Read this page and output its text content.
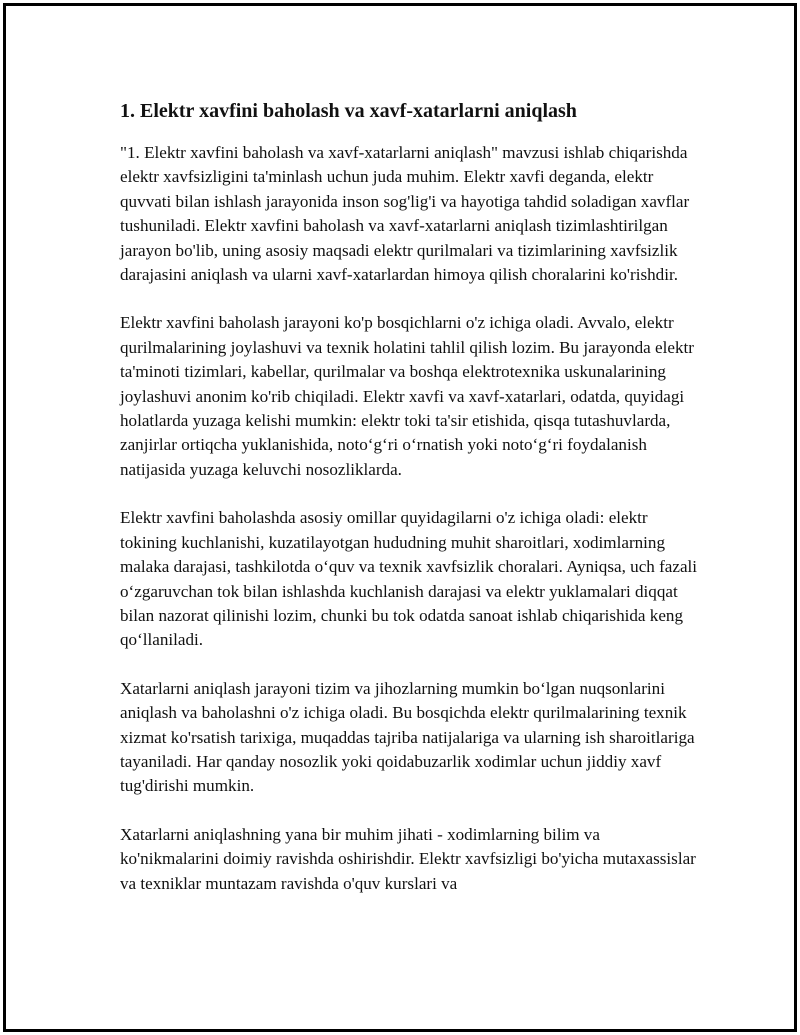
1. Elektr xavfini baholash va xavf-xatarlarni aniqlash

"1. Elektr xavfini baholash va xavf-xatarlarni aniqlash" mavzusi ishlab chiqarishda elektr xavfsizligini ta'minlash uchun juda muhim. Elektr xavfi deganda, elektr quvvati bilan ishlash jarayonida inson sog'lig'i va hayotiga tahdid soladigan xavflar tushuniladi. Elektr xavfini baholash va xavf-xatarlarni aniqlash tizimlashtirilgan jarayon bo'lib, uning asosiy maqsadi elektr qurilmalari va tizimlarining xavfsizlik darajasini aniqlash va ularni xavf-xatarlardan himoya qilish choralarini ko'rishdir.

Elektr xavfini baholash jarayoni ko'p bosqichlarni o'z ichiga oladi. Avvalo, elektr qurilmalarining joylashuvi va texnik holatini tahlil qilish lozim. Bu jarayonda elektr ta'minoti tizimlari, kabellar, qurilmalar va boshqa elektrotexnika uskunalarining joylashuvi anonim ko'rib chiqiladi. Elektr xavfi va xavf-xatarlari, odatda, quyidagi holatlarda yuzaga kelishi mumkin: elektr toki ta'sir etishida, qisqa tutashuvlarda, zanjirlar ortiqcha yuklanishida, noto‘g‘ri o‘rnatish yoki noto‘g‘ri foydalanish natijasida yuzaga keluvchi nosozliklarda.

Elektr xavfini baholashda asosiy omillar quyidagilarni o'z ichiga oladi: elektr tokining kuchlanishi, kuzatilayotgan hududning muhit sharoitlari, xodimlarning malaka darajasi, tashkilotda o‘quv va texnik xavfsizlik choralari. Ayniqsa, uch fazali o‘zgaruvchan tok bilan ishlashda kuchlanish darajasi va elektr yuklamalari diqqat bilan nazorat qilinishi lozim, chunki bu tok odatda sanoat ishlab chiqarishida keng qo‘llaniladi.

Xatarlarni aniqlash jarayoni tizim va jihozlarning mumkin bo‘lgan nuqsonlarini aniqlash va baholashni o'z ichiga oladi. Bu bosqichda elektr qurilmalarining texnik xizmat ko'rsatish tarixiga, muqaddas tajriba natijalariga va ularning ish sharoitlariga tayaniladi. Har qanday nosozlik yoki qoidabuzarlik xodimlar uchun jiddiy xavf tug'dirishi mumkin.

Xatarlarni aniqlashning yana bir muhim jihati - xodimlarning bilim va ko'nikmalarini doimiy ravishda oshirishdir. Elektr xavfsizligi bo'yicha mutaxassislar va texniklar muntazam ravishda o'quv kurslari va
